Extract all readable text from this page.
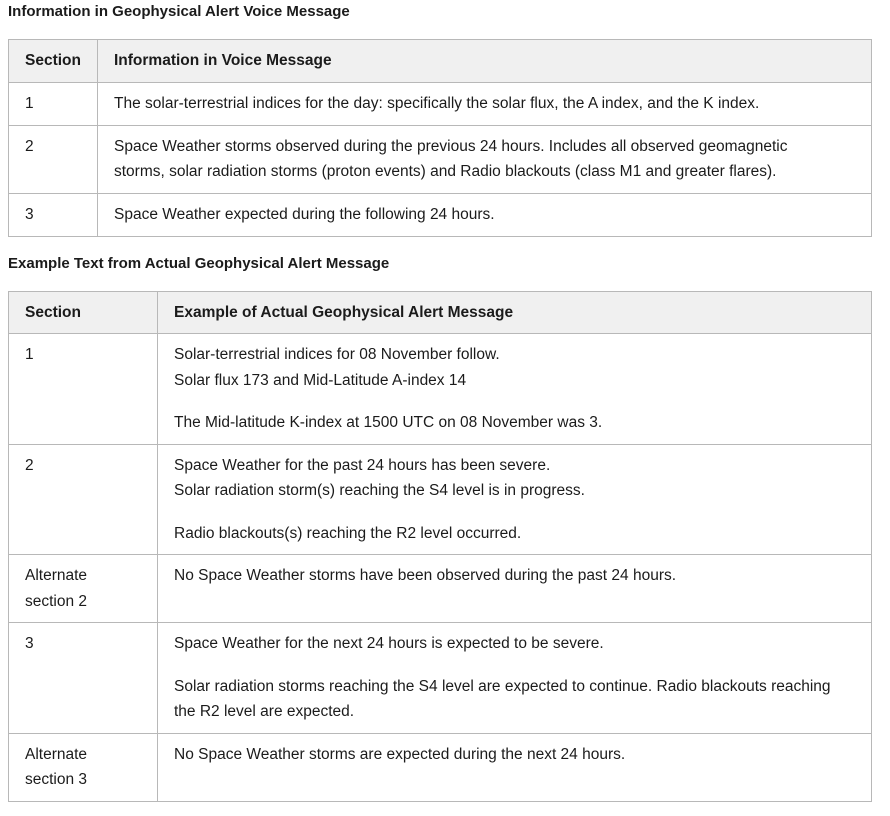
Information in Geophysical Alert Voice Message
Section	Information in Voice Message
1	The solar-terrestrial indices for the day: specifically the solar flux, the A index, and the K index.
2	Space Weather storms observed during the previous 24 hours. Includes all observed geomagnetic
storms, solar radiation storms (proton events) and Radio blackouts (class M1 and greater flares).

3	Space Weather expected during the following 24 hours.
Example Text from Actual Geophysical Alert Message
Section	Example of Actual Geophysical Alert Message
1	Solar-terrestrial indices for 08 November follow.
Solar flux 173 and Mid-Latitude A-index 14
The Mid-latitude K-index at 1500 UTC on 08 November was 3.

2	Space Weather for the past 24 hours has been severe.
Solar radiation storm(s) reaching the S4 level is in progress.
Radio blackouts(s) reaching the R2 level occurred.

Alternate
section 2	No Space Weather storms have been observed during the past 24 hours.

3	Space Weather for the next 24 hours is expected to be severe.
Solar radiation storms reaching the S4 level are expected to continue. Radio blackouts reaching
the R2 level are expected.

Alternate
section 3	No Space Weather storms are expected during the next 24 hours.
